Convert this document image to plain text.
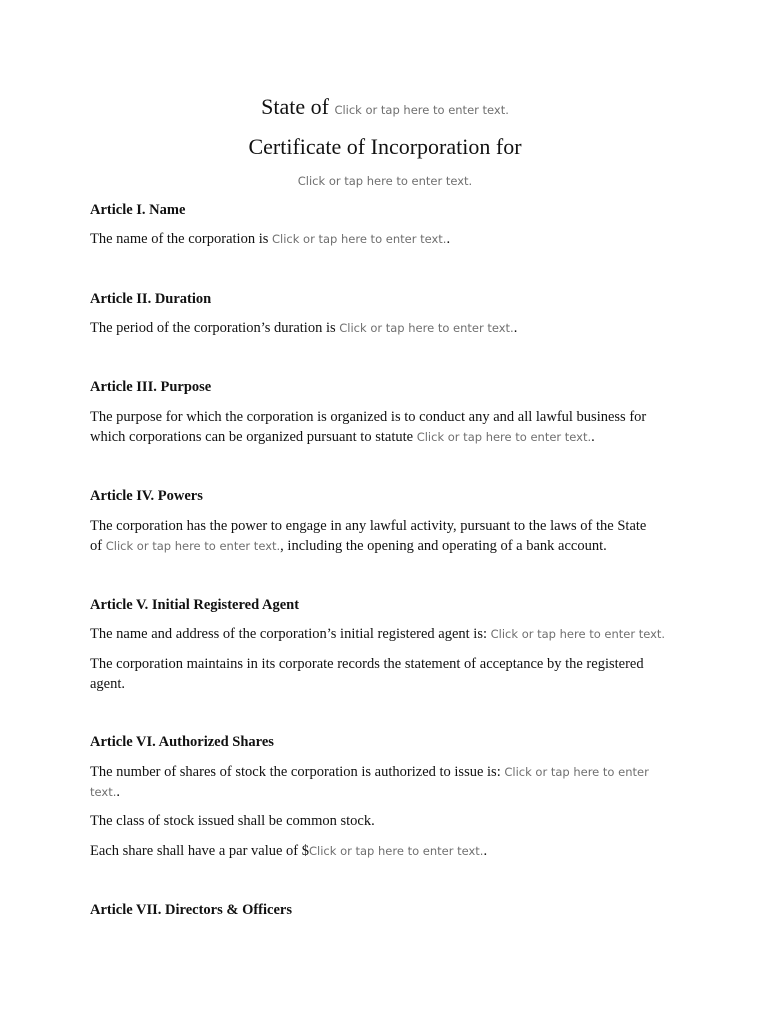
State of Click or tap here to enter text.
Certificate of Incorporation for
Click or tap here to enter text.
Article I. Name
The name of the corporation is Click or tap here to enter text..
Article II. Duration
The period of the corporation’s duration is Click or tap here to enter text..
Article III. Purpose
The purpose for which the corporation is organized is to conduct any and all lawful business for
which corporations can be organized pursuant to statute Click or tap here to enter text..
Article IV. Powers
The corporation has the power to engage in any lawful activity, pursuant to the laws of the State
of Click or tap here to enter text., including the opening and operating of a bank account.
Article V. Initial Registered Agent
The name and address of the corporation’s initial registered agent is: Click or tap here to enter text.
The corporation maintains in its corporate records the statement of acceptance by the registered agent.
Article VI. Authorized Shares
The number of shares of stock the corporation is authorized to issue is: Click or tap here to enter
text..
The class of stock issued shall be common stock.
Each share shall have a par value of $Click or tap here to enter text..
Article VII. Directors & Officers
